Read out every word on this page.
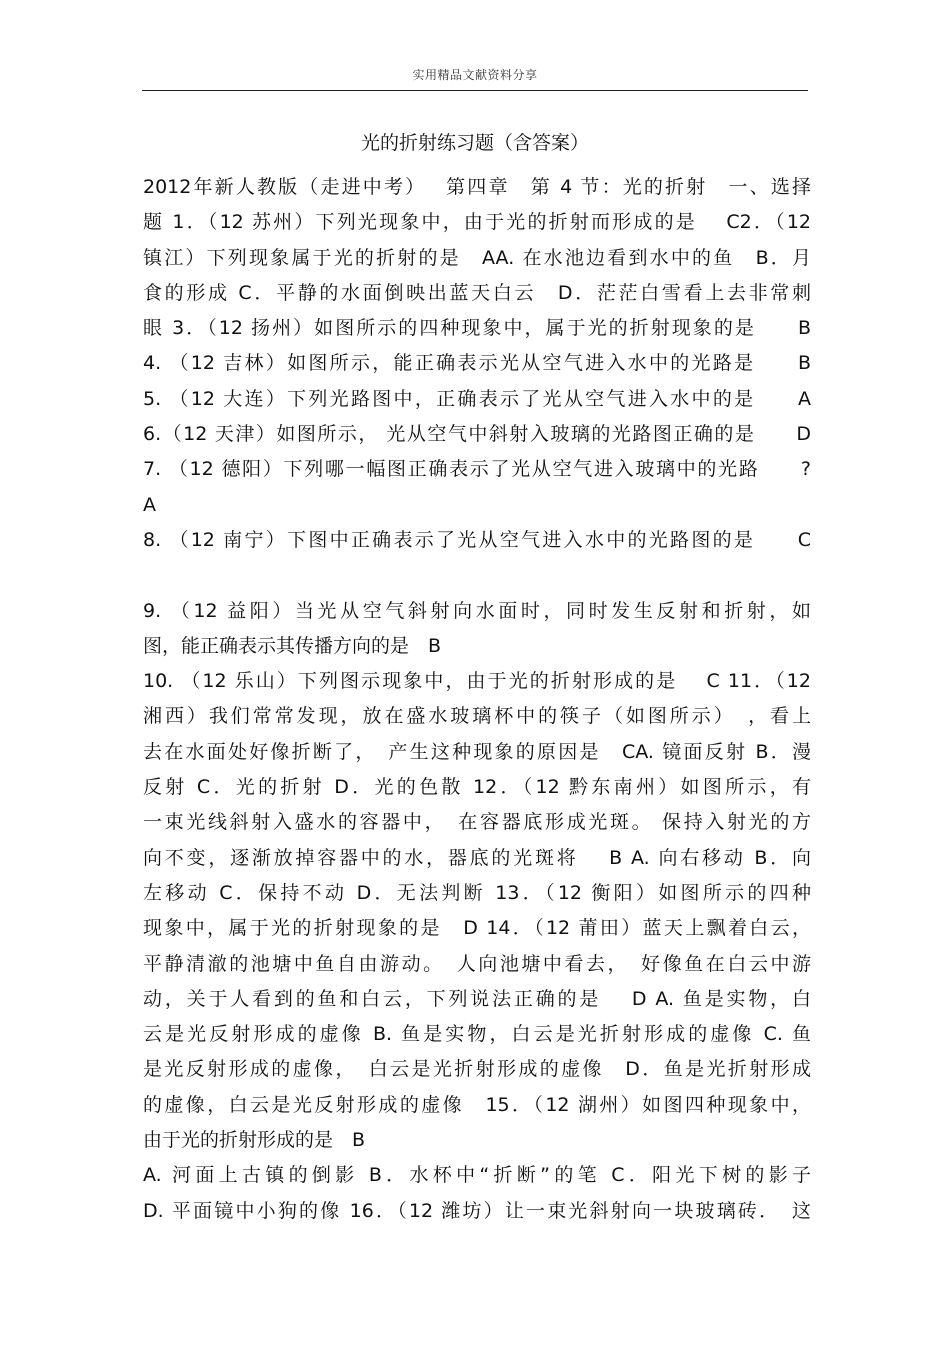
实用精品文献资料分享
光的折射练习题（含答案）
2012年新人教版（走进中考）　 第四章　第 4 节：光的折射　一、选择
题 1．（12 苏州）下列光现象中，由于光的折射而形成的是　 C2．（12
镇江）下列现象属于光的折射的是　AA. 在水池边看到水中的鱼　B．月
食的形成 C．平静的水面倒映出蓝天白云　D．茫茫白雪看上去非常刺
眼 3．（12 扬州）如图所示的四种现象中，属于光的折射现象的是　　B
4. （12 吉林）如图所示，能正确表示光从空气进入水中的光路是　　B
5. （12 大连）下列光路图中，正确表示了光从空气进入水中的是　　A
6.（12 天津）如图所示， 光从空气中斜射入玻璃的光路图正确的是　　D
7. （12 德阳）下列哪一幅图正确表示了光从空气进入玻璃中的光路　　?
A
8. （12 南宁）下图中正确表示了光从空气进入水中的光路图的是　　C
9. （12 益阳）当光从空气斜射向水面时，同时发生反射和折射，如
图，能正确表示其传播方向的是　B
10. （12 乐山）下列图示现象中，由于光的折射形成的是　 C 11．（12
湘西）我们常常发现，放在盛水玻璃杯中的筷子（如图所示）　，看上
去在水面处好像折断了，　产生这种现象的原因是　CA. 镜面反射 B．漫
反射 C．光的折射 D．光的色散 12．（12 黔东南州）如图所示，有
一束光线斜射入盛水的容器中，　在容器底形成光斑。 保持入射光的方
向不变，逐渐放掉容器中的水，器底的光斑将　 B A. 向右移动 B．向
左移动 C．保持不动 D．无法判断 13．（12 衡阳）如图所示的四种
现象中，属于光的折射现象的是　D 14．（12 莆田）蓝天上飘着白云，
平静清澈的池塘中鱼自由游动。　人向池塘中看去，　好像鱼在白云中游
动，关于人看到的鱼和白云，下列说法正确的是　 D A. 鱼是实物，白
云是光反射形成的虚像 B. 鱼是实物，白云是光折射形成的虚像 C. 鱼
是光反射形成的虚像，　白云是光折射形成的虚像　D．鱼是光折射形成
的虚像，白云是光反射形成的虚像　15．（12 湖州）如图四种现象中，
由于光的折射形成的是　B
A. 河面上古镇的倒影 B．水杯中“折断”的笔 C．阳光下树的影子
D. 平面镜中小狗的像 16．（12 潍坊）让一束光斜射向一块玻璃砖．　这
